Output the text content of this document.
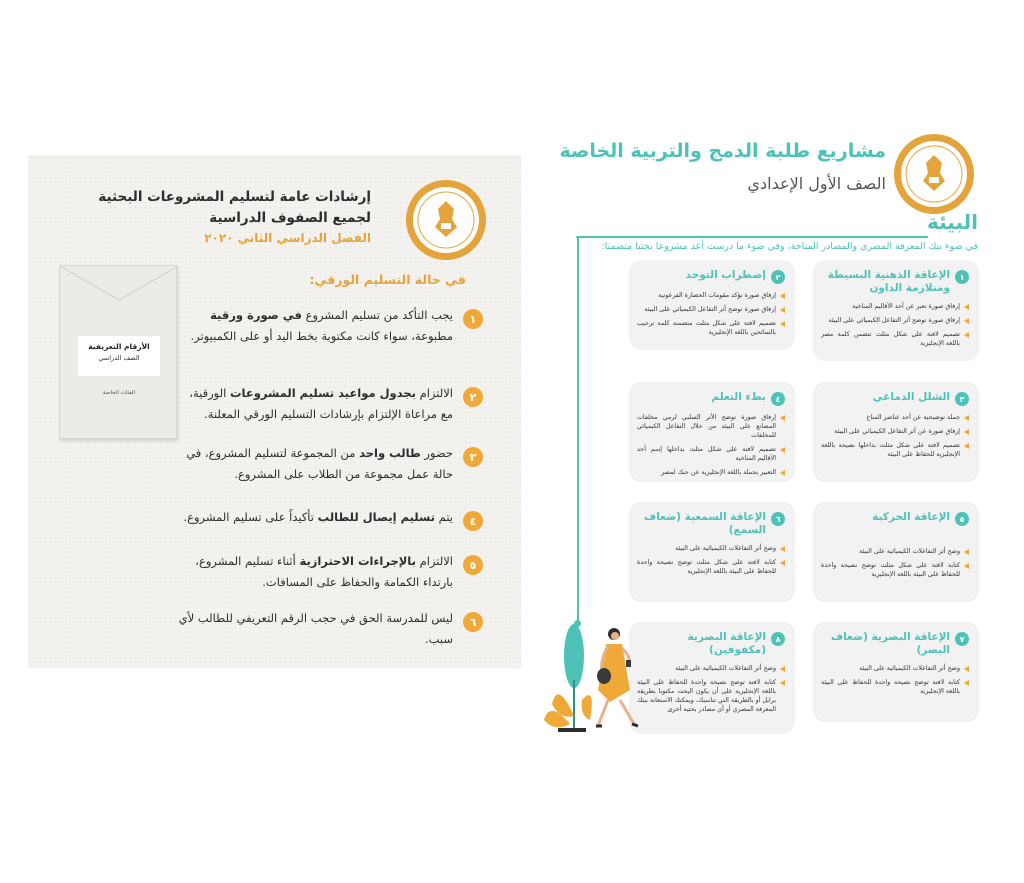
إرشادات عامة لتسليم المشروعات البحثية
لجميع الصفوف الدراسية
الفصل الدراسي الثاني ٢٠٢٠
في حالة التسليم الورقي:
١
يجب التأكد من تسليم المشروع في صورة ورقية مطبوعة، سواء كانت مكتوبة بخط اليد أو على الكمبيوتر.
٢
الالتزام بجدول مواعيد تسليم المشروعات الورقية، مع مراعاة الإلتزام بإرشادات التسليم الورقي المعلنة.
٣
حضور طالب واحد من المجموعة لتسليم المشروع، في حالة عمل مجموعة من الطلاب على المشروع.
٤
يتم تسليم إيصال للطالب تأكيداً على تسليم المشروع.
٥
الالتزام بالإجراءات الاحترازية أثناء تسليم المشروع، بارتداء الكمامة والحفاظ على المسافات.
٦
ليس للمدرسة الحق في حجب الرقم التعريفي للطالب لأي سبب.
الأرقام التعريفية
الصف الدراسي
الفئات الخاصة
مشاريع طلبة الدمج والتربية الخاصة
الصف الأول الإعدادي
البيئة
في ضوء بنك المعرفة المصري والمصادر المتاحة، وفي ضوء ما درست أعد مشروعا بحثيا متضمنا:
١
الإعاقة الذهنية البسيطة ومتلازمة الداون
إرفاق صورة تعبر عن أحد الأقاليم المناخية
إرفاق صورة توضح أثر التفاعل الكيميائي على البيئة
تصميم لافتة على شكل مثلث تتضمن كلمة مصر باللغة الإنجليزية
٢
إضطراب التوحد
إرفاق صورة تؤكد مقومات الحضارة الفرعونية
إرفاق صورة توضح أثر التفاعل الكيميائي على البيئة
تصميم لافتة على شكل مثلث متضمنة كلمة ترحيب بالسائحين باللغة الإنجليزية
٣
الشلل الدماغي
جملة توضيحية عن أحد عناصر المناخ
إرفاق صورة عن أثر التفاعل الكيميائي على البيئة
تصميم لافتة على شكل مثلث بداخلها نصيحة باللغة الإنجليزية للحفاظ على البيئة
٤
بطء التعلم
إرفاق صورة توضح الأثر السلبي لرمي مخلفات المصانع على البيئة من خلال التفاعل الكيميائي للمخلفات
تصميم لافتة على شكل مثلث بداخلها إسم أحد الأقاليم المناخية
التعبير بجملة باللغة الإنجليزية عن حبك لمصر
٥
الإعاقة الحركية
وضح أثر التفاعلات الكيميائية على البيئة
كتابة لافتة على شكل مثلث توضح نصيحة واحدة للحفاظ على البيئة باللغة الإنجليزية
٦
الإعاقة السمعية (ضعاف السمع)
وضح أثر التفاعلات الكيميائية على البيئة
كتابة لافتة على شكل مثلث توضح نصيحة واحدة للحفاظ على البيئة باللغة الإنجليزية
٧
الإعاقة البصرية (ضعاف البصر)
وضح أثر التفاعلات الكيميائية على البيئة
كتابة لافتة توضح نصيحة واحدة للحفاظ على البيئة باللغة الإنجليزية
٨
الإعاقة البصرية (مكفوفين)
وضح أثر التفاعلات الكيميائية على البيئة
كتابة لافتة توضح نصيحة واحدة للحفاظ على البيئة باللغة الإنجليزية على أن يكون البحث مكتوبا بطريقة برايل أو بالطريقة التي تناسبك، ويمكنك الاستعانة ببنك المعرفة المصري أو أي مصادر بحثية أخرى
